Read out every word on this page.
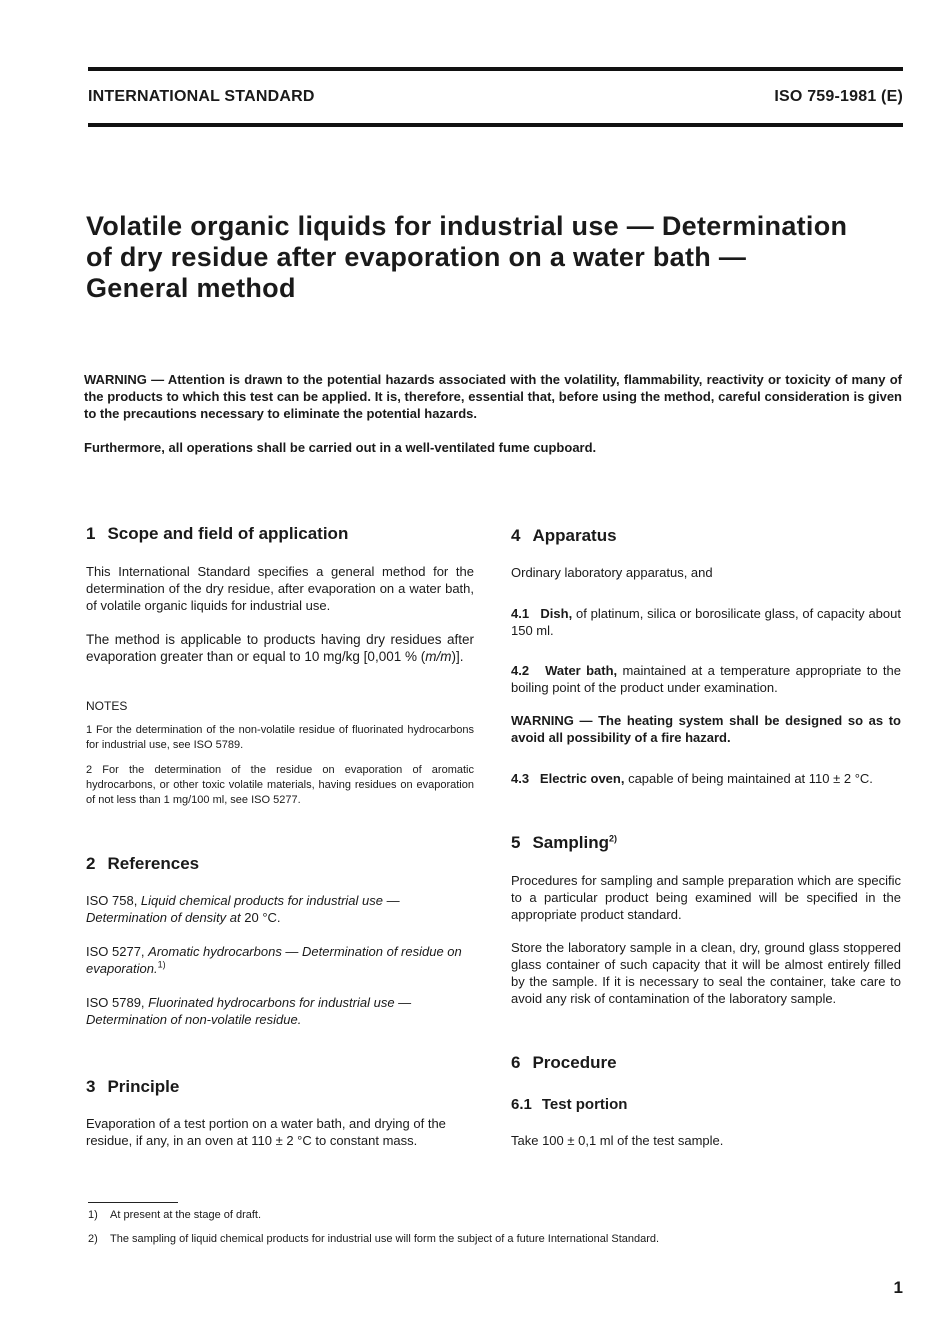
INTERNATIONAL STANDARD	ISO 759-1981 (E)
Volatile organic liquids for industrial use — Determination
of dry residue after evaporation on a water bath —
General method

WARNING — Attention is drawn to the potential hazards associated with the volatility, flammability, reactivity or toxicity of many of the products to which this test can be applied. It is, therefore, essential that, before using the method, careful consideration is given to the precautions necessary to eliminate the potential hazards.

Furthermore, all operations shall be carried out in a well-ventilated fume cupboard.

1 Scope and field of application

This International Standard specifies a general method for the determination of the dry residue, after evaporation on a water bath, of volatile organic liquids for industrial use.

The method is applicable to products having dry residues after evaporation greater than or equal to 10 mg/kg [0,001 % (m/m)].

NOTES

1 For the determination of the non-volatile residue of fluorinated hydrocarbons for industrial use, see ISO 5789.

2 For the determination of the residue on evaporation of aromatic hydrocarbons, or other toxic volatile materials, having residues on evaporation of not less than 1 mg/100 ml, see ISO 5277.

2 References

ISO 758, Liquid chemical products for industrial use — Determination of density at 20 °C.

ISO 5277, Aromatic hydrocarbons — Determination of residue on evaporation.$^{1)}$

ISO 5789, Fluorinated hydrocarbons for industrial use — Determination of non-volatile residue.

3 Principle

Evaporation of a test portion on a water bath, and drying of the residue, if any, in an oven at 110 ± 2 °C to constant mass.

4 Apparatus

Ordinary laboratory apparatus, and

4.1 Dish, of platinum, silica or borosilicate glass, of capacity about 150 ml.

4.2 Water bath, maintained at a temperature appropriate to the boiling point of the product under examination.

WARNING — The heating system shall be designed so as to avoid all possibility of a fire hazard.

4.3 Electric oven, capable of being maintained at 110 ± 2 °C.

5 Sampling$^{2)}$

Procedures for sampling and sample preparation which are specific to a particular product being examined will be specified in the appropriate product standard.

Store the laboratory sample in a clean, dry, ground glass stoppered glass container of such capacity that it will be almost entirely filled by the sample. If it is necessary to seal the container, take care to avoid any risk of contamination of the laboratory sample.

6 Procedure
6.1 Test portion

Take 100 ± 0,1 ml of the test sample.

1) At present at the stage of draft.
2) The sampling of liquid chemical products for industrial use will form the subject of a future International Standard.
1
